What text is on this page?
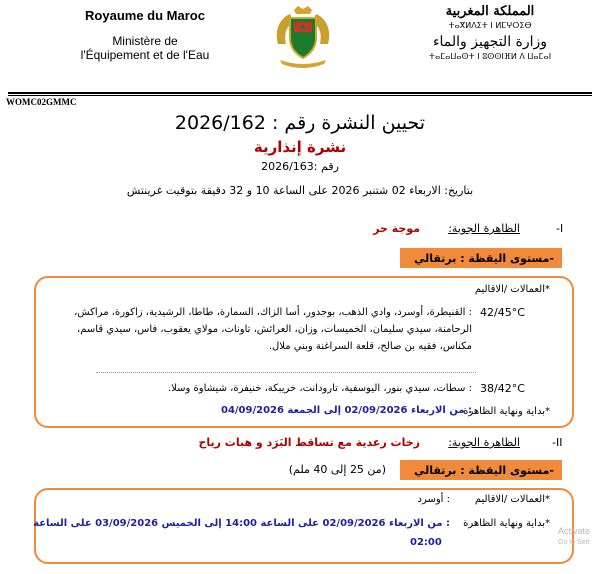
Royaume du Maroc
Ministère de
l'Équipement et de l'Eau
المملكة المغربية
ⵜⴰⴳⵍⴷⵉⵜ ⵏ ⵍⵎⵖⵔⵉⴱ
وزارة التجهيز والماء
ⵜⴰⵎⴰⵡⴰⵙⵜ ⵏ ⵓⵙⵙⵏⴼⵍ ⴷ ⵡⴰⵎⴰⵏ
WOMC02GMMC
تحيين النشرة رقم : 2026/162
نشرة إنذارية
رقم :2026/163
بتاريخ: الاربعاء 02 شتنبر 2026 على الساعة 10 و 32 دقيقة بتوقيت غرينتش
-I
الظاهرة الجوية:
موجة حر
-مستوى اليقظة : برتقالي
*العمالات /الاقاليم
42/45°C
: القنيطرة، أوسرد، وادي الذهب، بوجدور، أسا الزاك، السمارة، طاطا، الرشيدية، زاكورة، مراكش،
الرحامنة، سيدي سليمان، الخميسات، وزان، العرائش، تاونات، مولاي يعقوب، فاس، سيدي قاسم،
مكناس، فقيه بن صالح، قلعة السراغنة وبني ملال.
38/42°C
: سطات، سيدي بنور، اليوسفية، تارودانت، خريبكة، خنيفرة، شيشاوة وسلا.
*بداية ونهاية الظاهرة
: من الاربعاء 02/09/2026 إلى الجمعة 04/09/2026
-II
الظاهرة الجوية:
زخات رعدية مع تساقط البَرَد و هبات رياح
-مستوى اليقظة : برتقالي
(من 25 إلى 40 ملم)
*العمالات /الاقاليم
: أوسرد
*بداية ونهاية الظاهرة
: من الاربعاء 02/09/2026 على الساعة 14:00 إلى الخميس 03/09/2026 على الساعة
02:00
Activate
Go to Sett
